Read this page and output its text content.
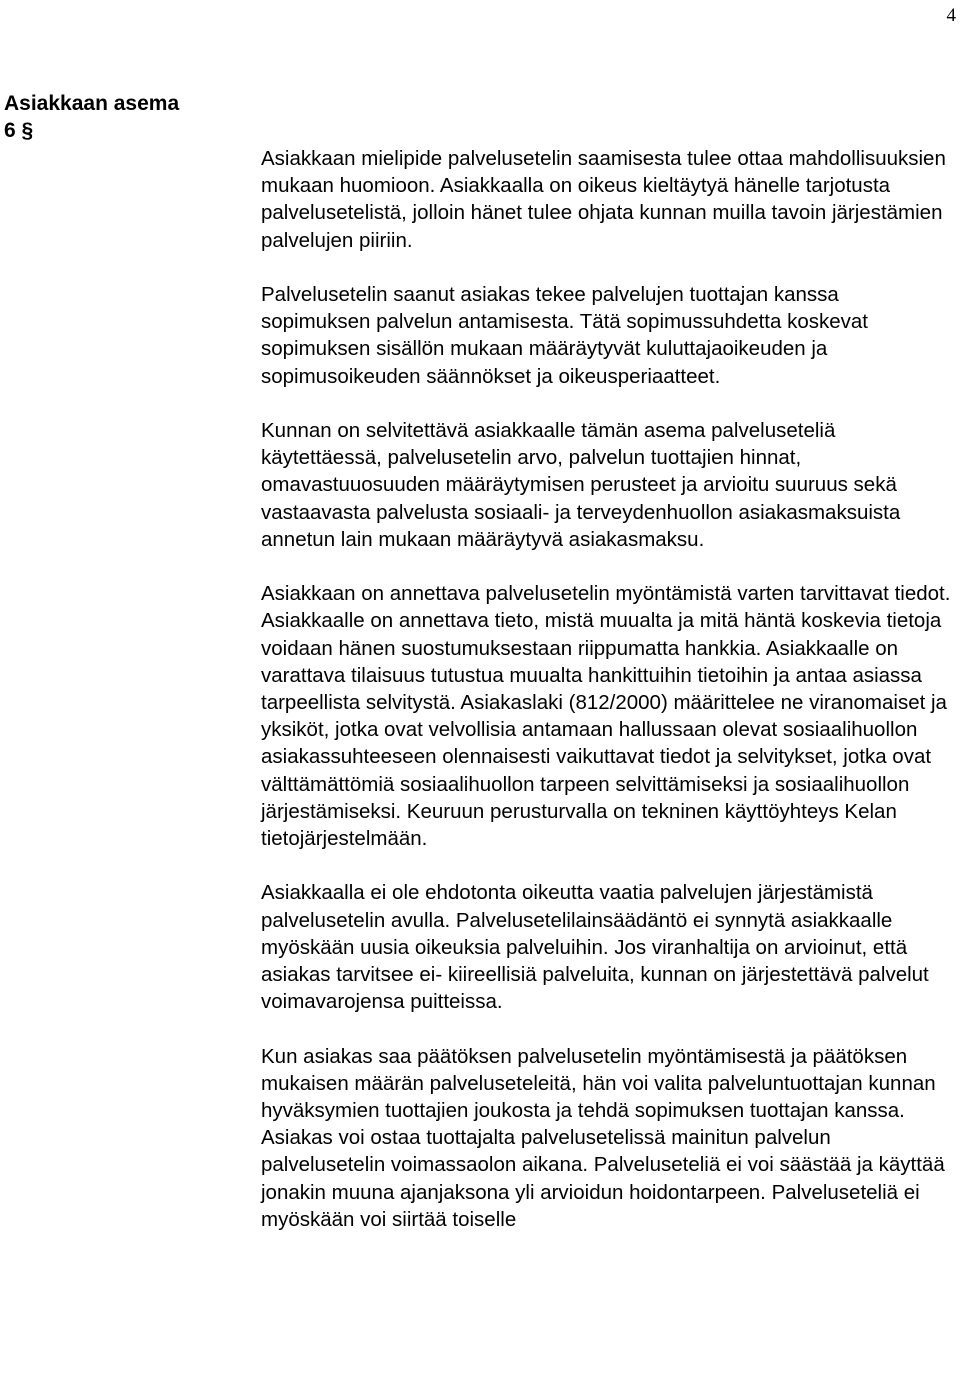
4
Asiakkaan asema
6 §

Asiakkaan mielipide palvelusetelin saamisesta tulee ottaa mahdollisuuksien mukaan huomioon. Asiakkaalla on oikeus kieltäytyä hänelle tarjotusta palvelusetelistä, jolloin hänet tulee ohjata kunnan muilla tavoin järjestämien palvelujen piiriin.

Palvelusetelin saanut asiakas tekee palvelujen tuottajan kanssa sopimuksen palvelun antamisesta. Tätä sopimussuhdetta koskevat sopimuksen sisällön mukaan määräytyvät kuluttajaoikeuden ja sopimusoikeuden säännökset ja oikeusperiaatteet.

Kunnan on selvitettävä asiakkaalle tämän asema palveluseteliä käytettäessä, palvelusetelin arvo, palvelun tuottajien hinnat, omavastuuosuuden määräytymisen perusteet ja arvioitu suuruus sekä vastaavasta palvelusta sosiaali- ja terveydenhuollon asiakasmaksuista annetun lain mukaan määräytyvä asiakasmaksu.

Asiakkaan on annettava palvelusetelin myöntämistä varten tarvittavat tiedot. Asiakkaalle on annettava tieto, mistä muualta ja mitä häntä koskevia tietoja voidaan hänen suostumuksestaan riippumatta hankkia. Asiakkaalle on varattava tilaisuus tutustua muualta hankittuihin tietoihin ja antaa asiassa tarpeellista selvitystä. Asiakaslaki (812/2000) määrittelee ne viranomaiset ja yksiköt, jotka ovat velvollisia antamaan hallussaan olevat sosiaalihuollon asiakassuhteeseen olennaisesti vaikuttavat tiedot ja selvitykset, jotka ovat välttämättömiä sosiaalihuollon tarpeen selvittämiseksi ja sosiaalihuollon järjestämiseksi. Keuruun perusturvalla on tekninen käyttöyhteys Kelan tietojärjestelmään.

Asiakkaalla ei ole ehdotonta oikeutta vaatia palvelujen järjestämistä palvelusetelin avulla. Palvelusetelilainsäädäntö ei synnytä asiakkaalle myöskään uusia oikeuksia palveluihin. Jos viranhaltija on arvioinut, että asiakas tarvitsee ei- kiireellisiä palveluita, kunnan on järjestettävä palvelut voimavarojensa puitteissa.

Kun asiakas saa päätöksen palvelusetelin myöntämisestä ja päätöksen mukaisen määrän palveluseteleitä, hän voi valita palveluntuottajan kunnan hyväksymien tuottajien joukosta ja tehdä sopimuksen tuottajan kanssa. Asiakas voi ostaa tuottajalta palvelusetelissä mainitun palvelun palvelusetelin voimassaolon aikana. Palveluseteliä ei voi säästää ja käyttää jonakin muuna ajanjaksona yli arvioidun hoidontarpeen. Palveluseteliä ei myöskään voi siirtää toiselle
